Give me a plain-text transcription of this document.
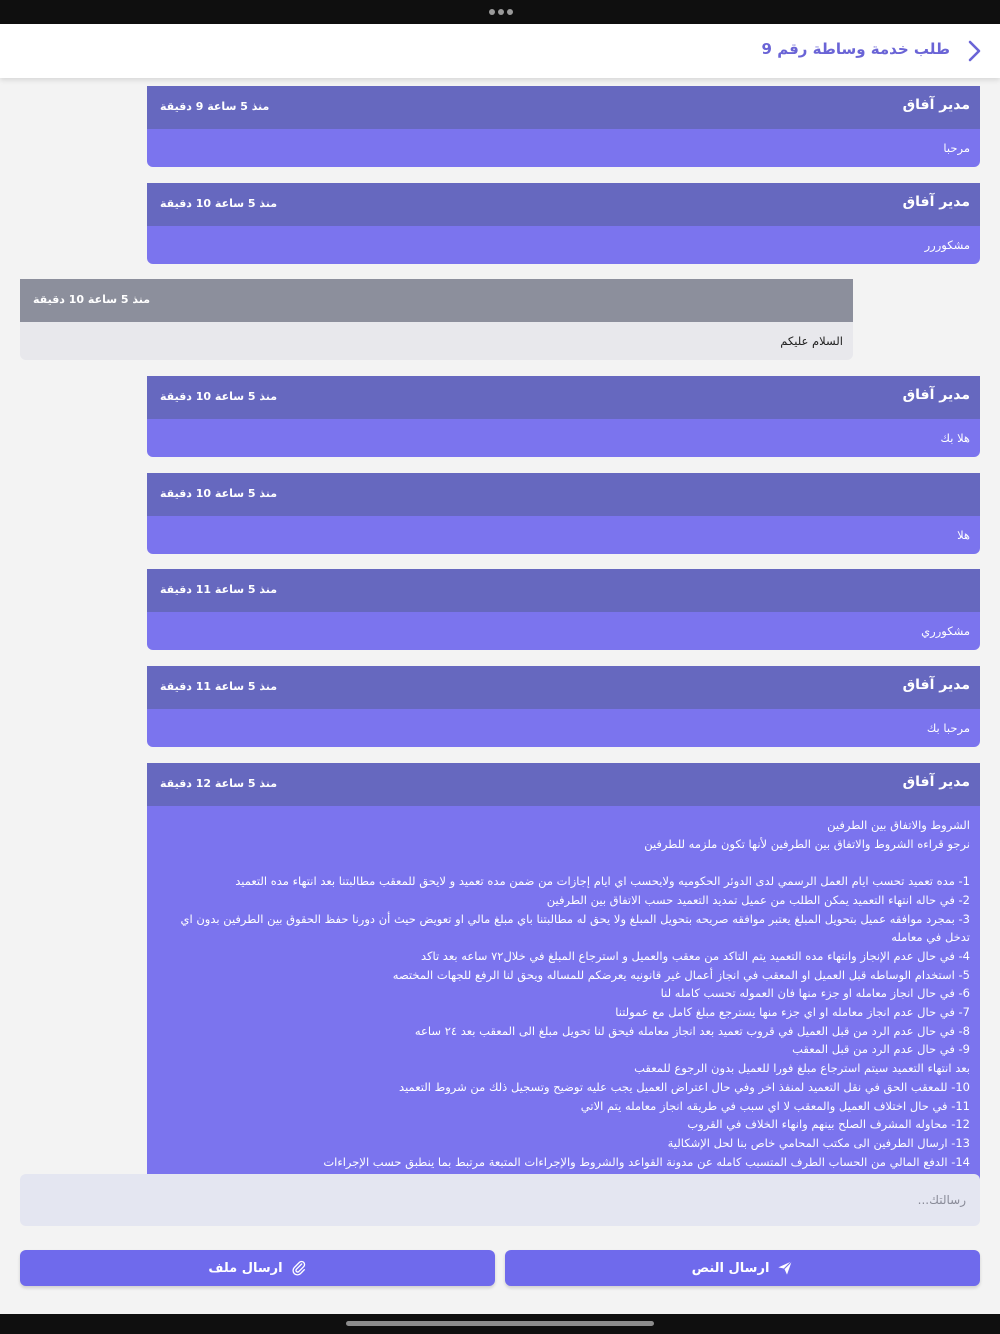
طلب خدمة وساطة رقم 9
مدير آفاق
منذ 5 ساعة 9 دقيقة
مرحبا
مدير آفاق
منذ 5 ساعة 10 دقيقة
مشكوررر
منذ 5 ساعة 10 دقيقة
السلام عليكم
مدير آفاق
منذ 5 ساعة 10 دقيقة
هلا بك
منذ 5 ساعة 10 دقيقة
هلا
منذ 5 ساعة 11 دقيقة
مشكورري
مدير آفاق
منذ 5 ساعة 11 دقيقة
مرحبا بك
مدير آفاق
منذ 5 ساعة 12 دقيقة
الشروط والاتفاق بين الطرفين
نرجو قراءه الشروط والاتفاق بين الطرفين لأنها تكون ملزمه للطرفين
1- مده تعميد تحسب ايام العمل الرسمي لدى الدوئر الحكوميه ولايحسب اي ايام إجازات من ضمن مده تعميد و لايحق للمعقب مطالبتنا بعد انتهاء مده التعميد
2- في حاله انتهاء التعميد يمكن الطلب من عميل تمديد التعميد حسب الاتفاق بين الطرفين
3- بمجرد موافقه عميل بتحويل المبلغ يعتبر موافقه صريحه بتحويل المبلغ ولا يحق له مطالبتنا باي مبلغ مالي او تعويض حيث أن دورنا حفظ الحقوق بين الطرفين بدون اي تدخل في معامله
4- في حال عدم الإنجاز وانتهاء مده التعميد يتم التاكد من معقب والعميل و استرجاع المبلغ في خلال٧٢ ساعه بعد تاكد
5- استخدام الوساطه قبل العميل او المعقب في انجاز أعمال غير قانونيه يعرضكم للمساله ويحق لنا الرفع للجهات المختصه
6- في حال انجاز معامله او جزء منها فان العموله تحسب كامله لنا
7- في حال عدم انجاز معامله او اي جزء منها يسترجع مبلغ كامل مع عمولتنا
8- في حال عدم الرد من قبل العميل في قروب تعميد بعد انجاز معامله فيحق لنا تحويل مبلغ الى المعقب بعد ٢٤ ساعه
9- في حال عدم الرد من قبل المعقب
بعد انتهاء التعميد سيتم استرجاع مبلغ فورا للعميل بدون الرجوع للمعقب
10- للمعقب الحق في نقل التعميد لمنفذ اخر وفي حال اعتراض العميل يجب عليه توضيح وتسجيل ذلك من شروط التعميد
11- في حال اختلاف العميل والمعقب لا اي سبب في طريقه انجاز معامله يتم الاتي
12- محاوله المشرف الصلح بينهم وانهاء الخلاف في القروب
13- ارسال الطرفين الى مكتب المحامي خاص بنا لحل الإشكالية
14- الدفع المالي من الحساب الطرف المتسبب كامله عن مدونة القواعد والشروط والإجراءات المتبعة مرتبط بما ينطبق حسب الإجراءات
رسالتك...
ارسال النص
ارسال ملف
